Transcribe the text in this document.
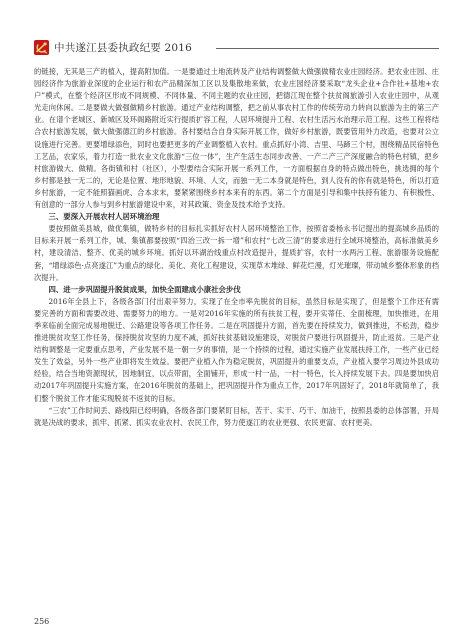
中共遂江县委执政纪要 2016

的链接，无其是三产的植入，提高附加值。一是要通过土地流转及产业结构调整做大做强做精农业庄园经济。把农业庄园、庄园经济作为旅游业深度的企业运行和农产品精深加工区以及集散地来做，农业庄园经济要采取“龙头企业+合作社+基地+农户”模式，在整个经济区形成不同规模、不同体量、不同主题的农业庄园，把德江现在整个扶贫阁旅游引入农业庄园中，从观光走向休闲。二是要做大做强做精乡村旅游。通过产业结构调整，把之前从事农村工作的传统劳动力转向以旅游为主的第三产业。在谱个老城区、新城区及环阁路附近实行提质扩容工程，人居环境提升工程、农村生活污水治理示范工程。这些工程将结合农村旅游发展，做大做强德江的乡村旅游。各村要结合自身实际开展工作，做好乡村旅游，既要管用外力改造，也要对公立设施进行完善。更要增绿添色，同时也要把更多的产业调整植入农村。重点抓好小湾、吉里、马蹄三个村，围绕精品民宿特色工艺品，农家乐，着力打造一批农业文化旅游“三位一体”，生产生活生态同步改善、一产二产三产深度融合的特色村镇，把乡村旅游做大、做精。各街镇和村（社区），小型要结合实际开展一系列工作，一方面根据自身的特点做出特色，挑选拥的每个乡村都是独一无二的，无论是位置、地形地貌、环境、人文，而独一无二本身就是特色，到人没有的你有就是特色，所以打造乡村旅游，一定不能照猫画虎、合本求末，要紧紧围绕乡村本来有的东西。第二个方面是引导和集中扶持有能力、有积极性、有创意的一部分人参与到乡村旅游建设中来，对其政策、资金及技术给予支持。

三、要深入开展农村人居环境治理

要按照做美县城，做优集镇，做特乡村的目标扎实抓好农村人居环境整治工作，按照省委杨永书记提出的提高城乡品质的目标来开展一系列工作，城、集镇都要按照“四治三改一拆一增”和农村“七改三清”的要求进行全域环境整治，高标准做美乡村，建设清洁、整齐、优美的城乡环境。抓好以环湖治线重点村改造提升，提质扩容，农村一水两污工程、旅游服务设施配套，“增绿添色·点亮遂江”为重点的绿化、美化、亮化工程建设，实现草木堆绿、鲜花烂漫，灯光璀璨，带动城乡整体形象的档次提升。

四、进一步巩固提升脱贫成果，加快全面建成小康社会步伐

2016年全县上下，各级各部门付出艰辛努力，实现了在全市率先脱贫的目标，虽然目标是实现了，但是整个工作还有需要完善的方面和需要改进、需要努力的地方。一是对2016年实施的所有扶贫工程，要开实蒂任、全面梳理，加快推进，在用季来临前全面完成易地脱迁、公路建设等各项工作任务。二是在巩固提升方面，首先要在持续发力，做到推进，不松劲，稳步推进脱贫攻坚工作任务，保持脱贫攻坚的力度不减，抓好扶贫基础设施建设，对脱贫户要进行巩固提升，防止返贫。三是产业结构调整是一定要重点思考，产业发展不是一朝一夕的事情，是一个持续的过程，通过实施产业发展扶持工作，一些产业已经发生了效益，另外一些产业即将发生效益。要把产业植入作为稳定脱贫，巩固提升的重要支点，产业植入要学习周边外县成功经验，结合当地资源现状，因地制宜，以点带面，全面铺开，形成一村一品，一村一特色，长入持续发展下去。四是要加快启动2017年巩固提升实施方案，在2016年脱贫的基础上，把巩固提升作为重点工作，2017年巩固好了，2018年就简单了，我们整个脱贫工作才能实现脱贫不返贫的目标。

“三农”工作时间丢、路线阳已经明确，各级各部门要紧盯目标，苦干、实干、巧干、加油干，按照县委的总体部署，开局就是决战的要求，抓牢、抓紧、抓实农业农村、农民工作，努力使遂江的农业更强、农民更富、农村更美。

256
